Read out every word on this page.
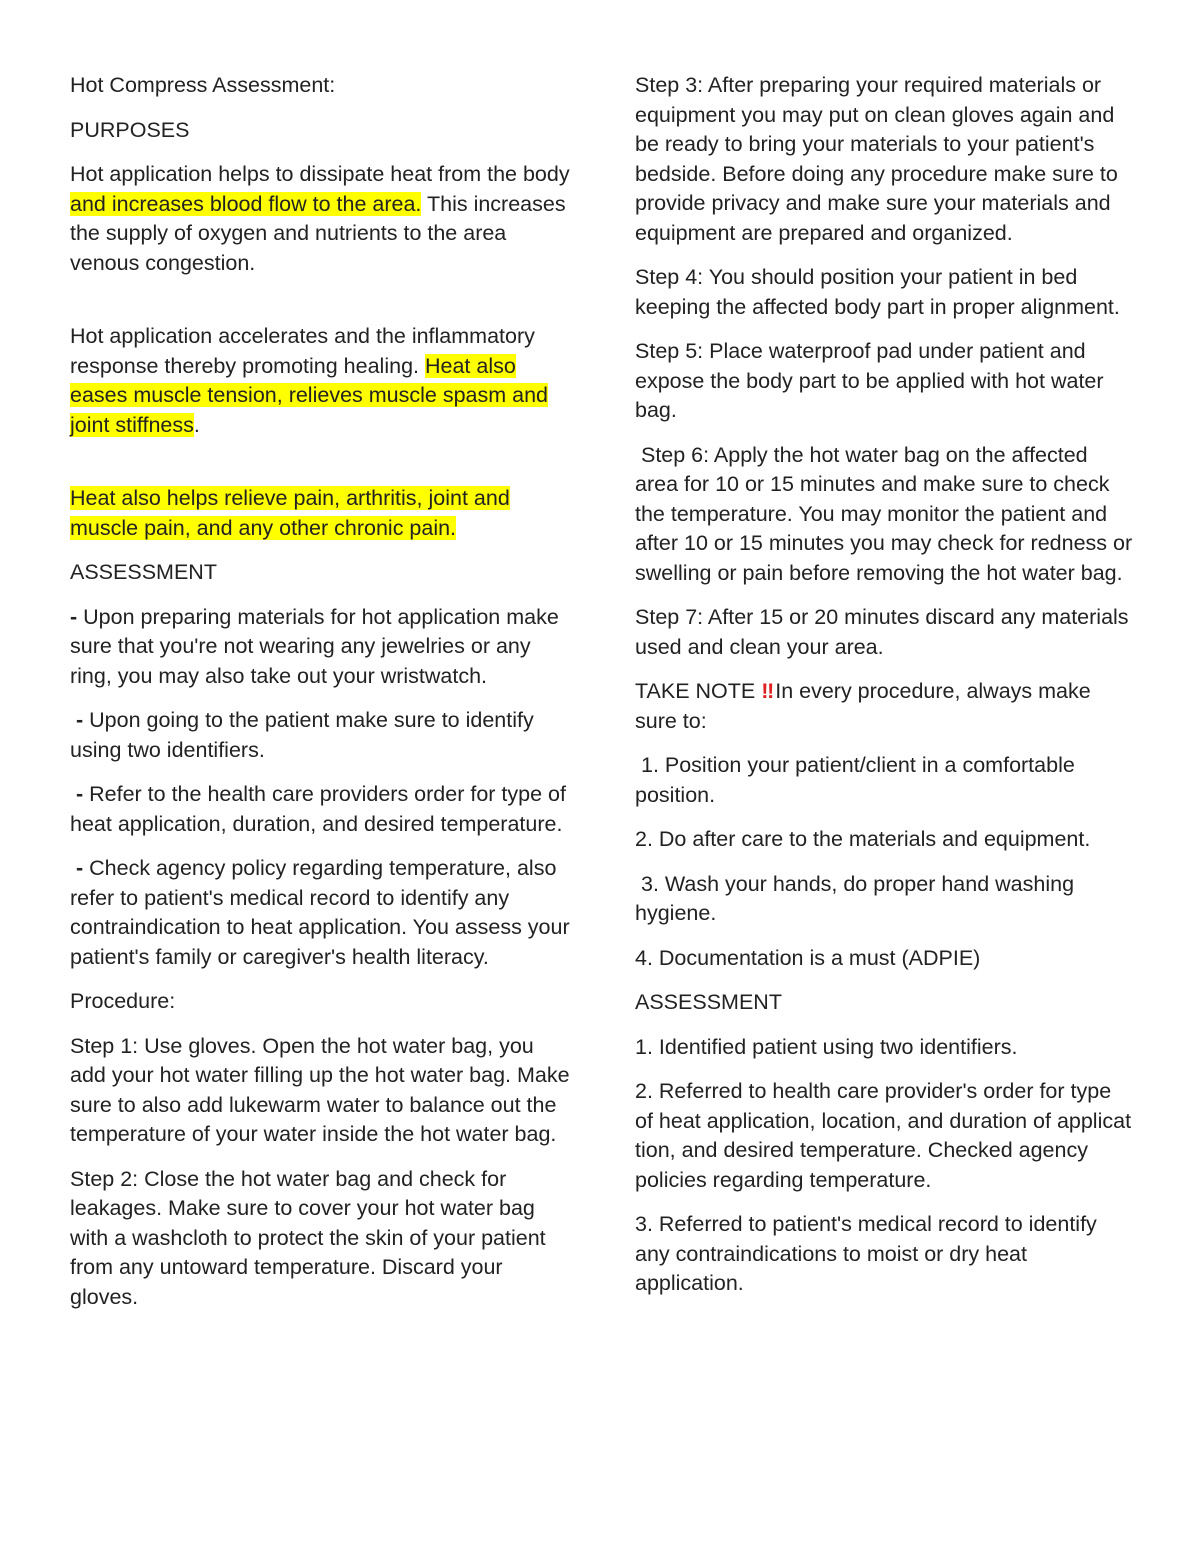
Hot Compress Assessment:

PURPOSES

Hot application helps to dissipate heat from the body and increases blood flow to the area. This increases the supply of oxygen and nutrients to the area venous congestion.

Hot application accelerates and the inflammatory response thereby promoting healing. Heat also eases muscle tension, relieves muscle spasm and joint stiffness.

Heat also helps relieve pain, arthritis, joint and muscle pain, and any other chronic pain.

ASSESSMENT

- Upon preparing materials for hot application make sure that you're not wearing any jewelries or any ring, you may also take out your wristwatch.

- Upon going to the patient make sure to identify using two identifiers.

- Refer to the health care providers order for type of heat application, duration, and desired temperature.

- Check agency policy regarding temperature, also refer to patient's medical record to identify any contraindication to heat application. You assess your patient's family or caregiver's health literacy.

Procedure:

Step 1: Use gloves. Open the hot water bag, you add your hot water filling up the hot water bag. Make sure to also add lukewarm water to balance out the temperature of your water inside the hot water bag.

Step 2: Close the hot water bag and check for leakages. Make sure to cover your hot water bag with a washcloth to protect the skin of your patient from any untoward temperature. Discard your gloves.

Step 3: After preparing your required materials or equipment you may put on clean gloves again and be ready to bring your materials to your patient's bedside. Before doing any procedure make sure to provide privacy and make sure your materials and equipment are prepared and organized.

Step 4: You should position your patient in bed keeping the affected body part in proper alignment.

Step 5: Place waterproof pad under patient and expose the body part to be applied with hot water bag.

Step 6: Apply the hot water bag on the affected area for 10 or 15 minutes and make sure to check the temperature. You may monitor the patient and after 10 or 15 minutes you may check for redness or swelling or pain before removing the hot water bag.

Step 7: After 15 or 20 minutes discard any materials used and clean your area.

TAKE NOTE ‼ In every procedure, always make sure to:

1. Position your patient/client in a comfortable position.

2. Do after care to the materials and equipment.

3. Wash your hands, do proper hand washing hygiene.

4. Documentation is a must (ADPIE)

ASSESSMENT

1. Identified patient using two identifiers.

2. Referred to health care provider's order for type of heat application, location, and duration of applicat tion, and desired temperature. Checked agency policies regarding temperature.

3. Referred to patient's medical record to identify any contraindications to moist or dry heat application.
